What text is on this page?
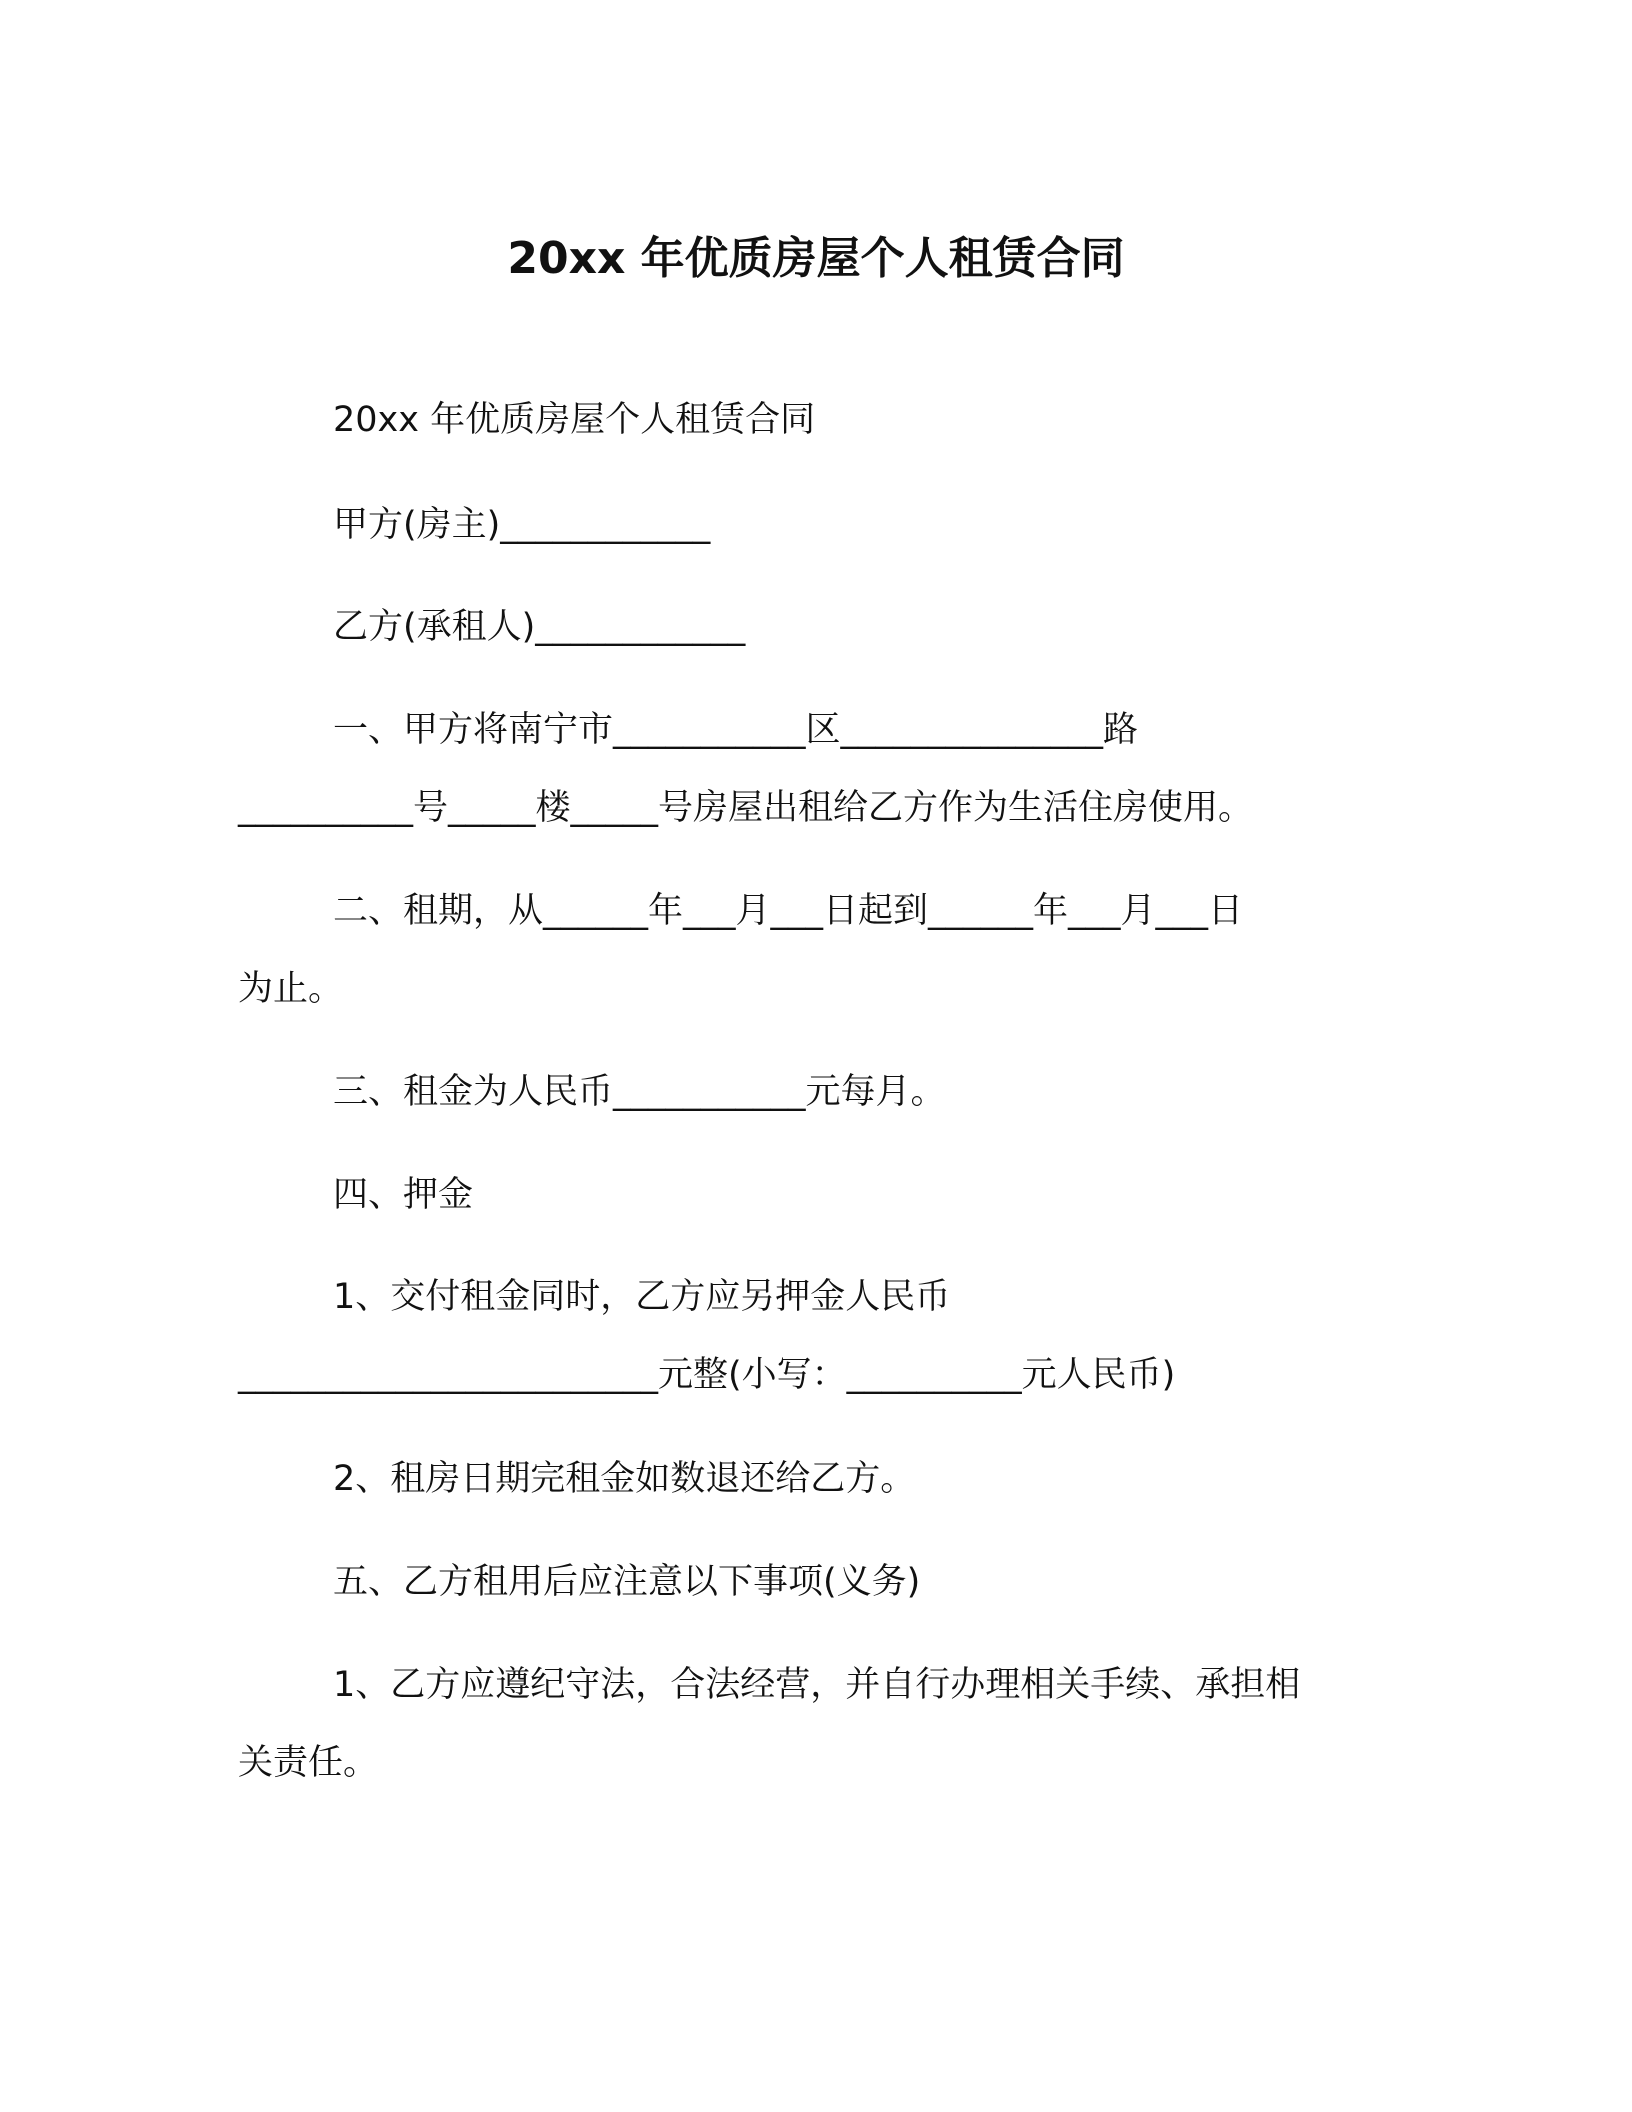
20xx 年优质房屋个人租赁合同
20xx 年优质房屋个人租赁合同
甲方(房主)____________
乙方(承租人)____________
一、甲方将南宁市___________区_______________路
__________号_____楼_____号房屋出租给乙方作为生活住房使用。
二、租期，从______年___月___日起到______年___月___日
为止。
三、租金为人民币___________元每月。
四、押金
1、交付租金同时，乙方应另押金人民币
________________________元整(小写：__________元人民币)
2、租房日期完租金如数退还给乙方。
五、乙方租用后应注意以下事项(义务)
1、乙方应遵纪守法，合法经营，并自行办理相关手续、承担相
关责任。
